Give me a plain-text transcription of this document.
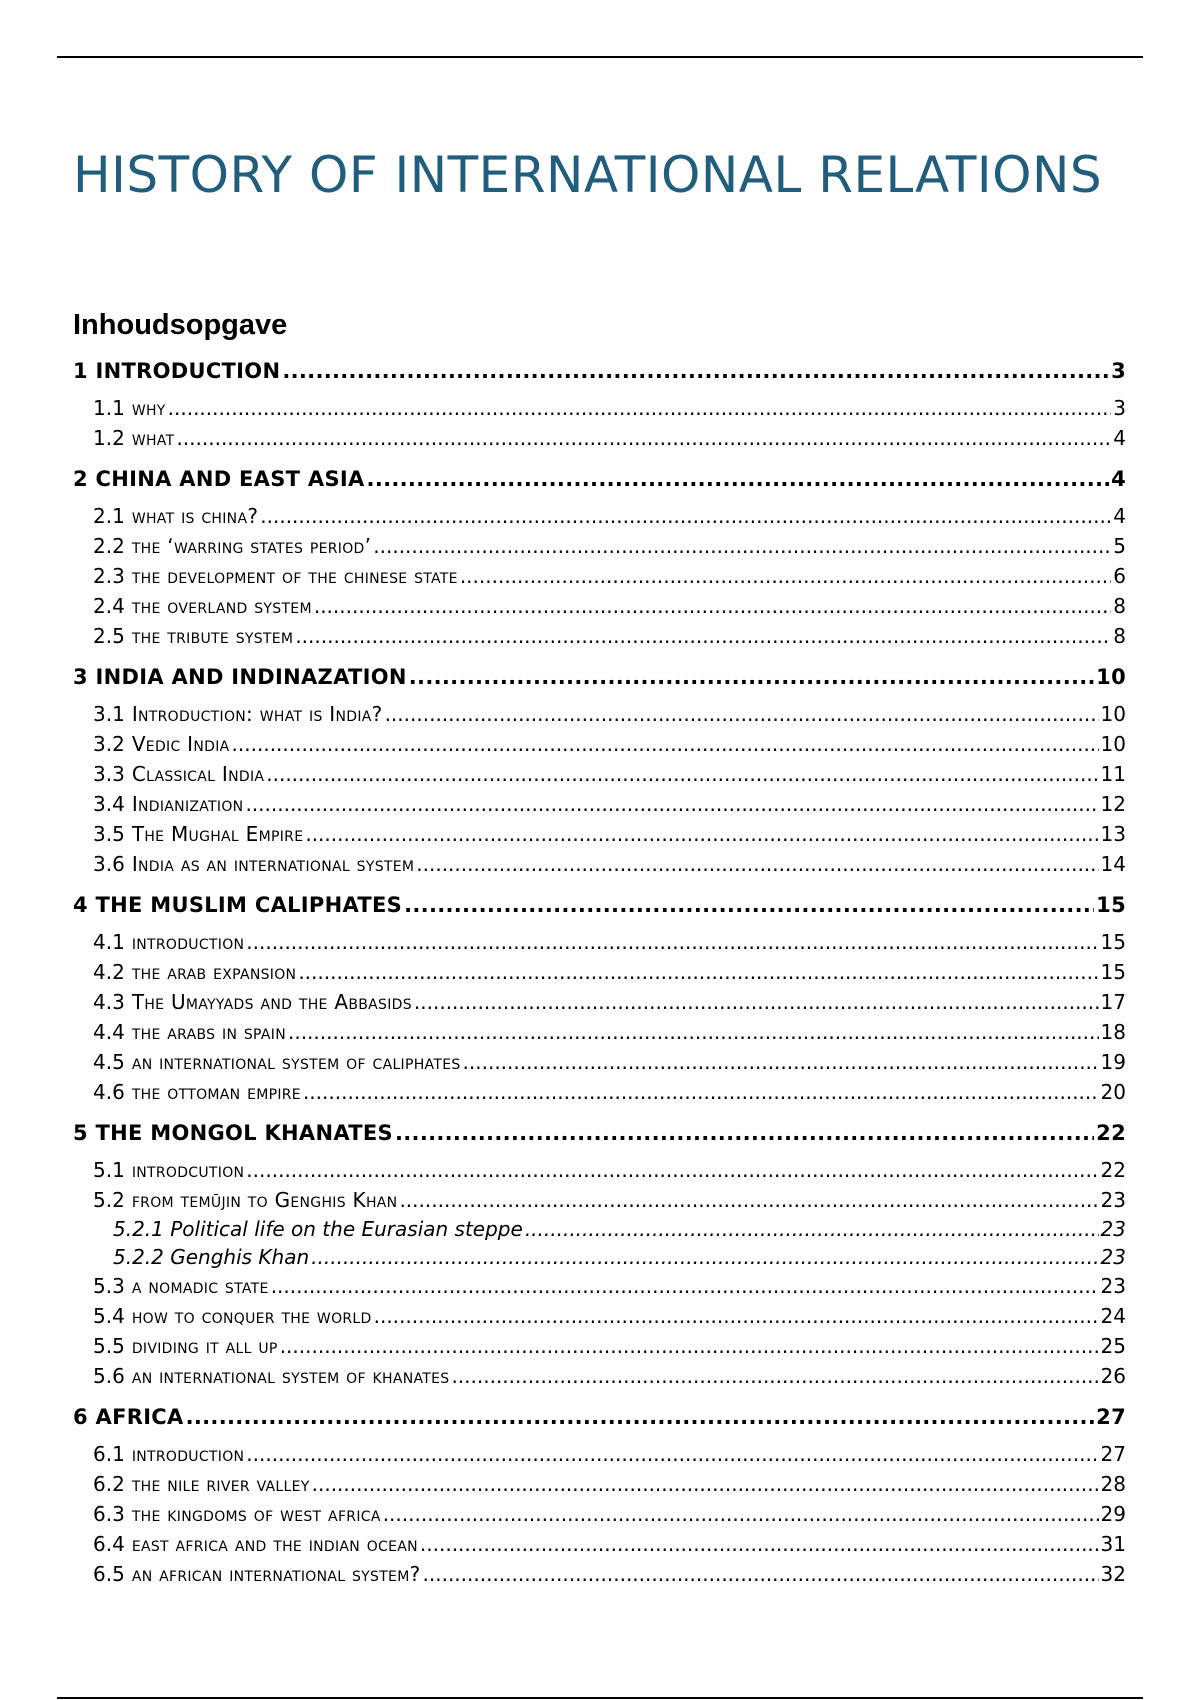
HISTORY OF INTERNATIONAL RELATIONS
Inhoudsopgave
1 INTRODUCTION .....	3
1.1 why .....	3
1.2 what .....	4
2 CHINA AND EAST ASIA .....	4
2.1 what is china? .....	4
2.2 the ‘warring states period’ .....	5
2.3 the development of the chinese state .....	6
2.4 the overland system .....	8
2.5 the tribute system .....	8
3 INDIA AND INDINAZATION .....	10
3.1 Introduction: what is India? .....	10
3.2 Vedic India .....	10
3.3 Classical India .....	11
3.4 Indianization .....	12
3.5 The Mughal Empire .....	13
3.6 India as an international system .....	14
4 THE MUSLIM CALIPHATES .....	15
4.1 introduction .....	15
4.2 the arab expansion .....	15
4.3 The Umayyads and the Abbasids .....	17
4.4 the arabs in spain .....	18
4.5 an international system of caliphates .....	19
4.6 the ottoman empire .....	20
5 THE MONGOL KHANATES .....	22
5.1 introdcution .....	22
5.2 from temūjin to Genghis Khan .....	23
5.2.1 Political life on the Eurasian steppe .....	23
5.2.2 Genghis Khan .....	23
5.3 a nomadic state .....	23
5.4 how to conquer the world .....	24
5.5 dividing it all up .....	25
5.6 an international system of khanates .....	26
6 AFRICA .....	27
6.1 introduction .....	27
6.2 the nile river valley .....	28
6.3 the kingdoms of west africa .....	29
6.4 east africa and the indian ocean .....	31
6.5 an african international system? .....	32
